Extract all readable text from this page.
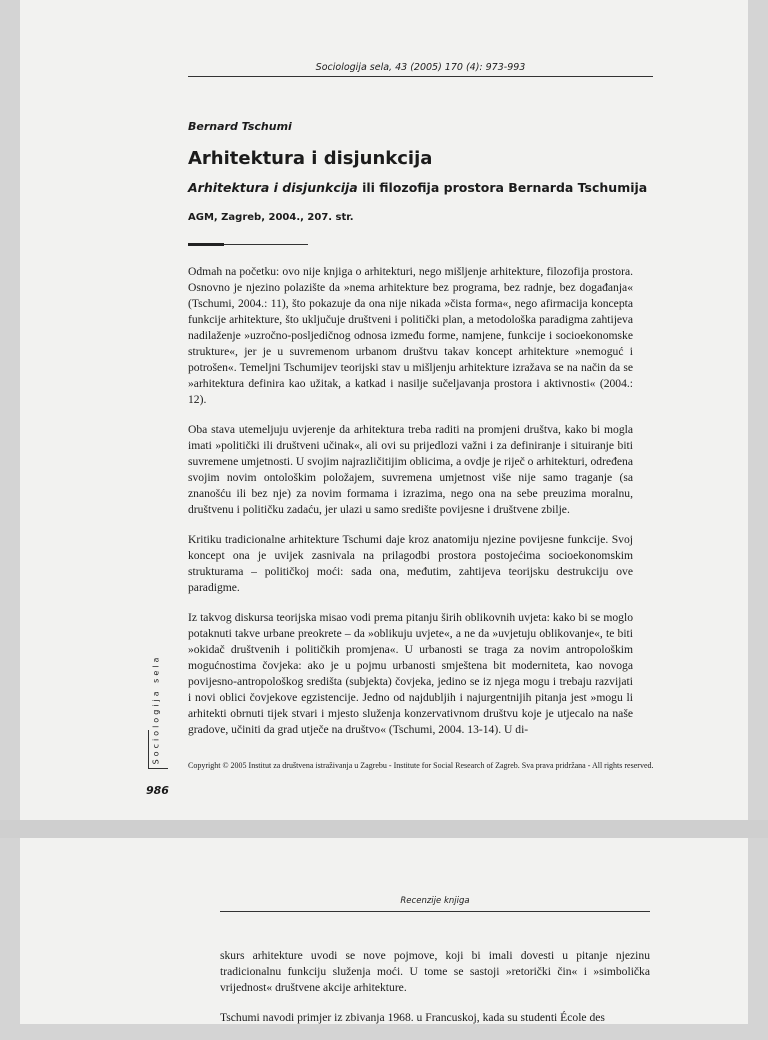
Sociologija sela, 43 (2005) 170 (4): 973-993
Bernard Tschumi
Arhitektura i disjunkcija
Arhitektura i disjunkcija ili filozofija prostora Bernarda Tschumija
AGM, Zagreb, 2004., 207. str.

Odmah na početku: ovo nije knjiga o arhitekturi, nego mišljenje arhitekture, filozofija prostora. Osnovno je njezino polazište da »nema arhitekture bez programa, bez radnje, bez događanja« (Tschumi, 2004.: 11), što pokazuje da ona nije nikada »čista forma«, nego afirmacija koncepta funkcije arhitekture, što uključuje društveni i politički plan, a metodološka paradigma zahtijeva nadilaženje »uzročno-posljedičnog odnosa između forme, namjene, funkcije i socioekonomske strukture«, jer je u suvremenom urbanom društvu takav koncept arhitekture »nemoguć i potrošen«. Temeljni Tschumijev teorijski stav u mišljenju arhitekture izražava se na način da se »arhitektura definira kao užitak, a katkad i nasilje sučeljavanja prostora i aktivnosti« (2004.: 12).

Oba stava utemeljuju uvjerenje da arhitektura treba raditi na promjeni društva, kako bi mogla imati »politički ili društveni učinak«, ali ovi su prijedlozi važni i za definiranje i situiranje biti suvremene umjetnosti. U svojim najrazličitijim oblicima, a ovdje je riječ o arhitekturi, određena svojim novim ontološkim položajem, suvremena umjetnost više nije samo traganje (sa znanošću ili bez nje) za novim formama i izrazima, nego ona na sebe preuzima moralnu, društvenu i političku zadaću, jer ulazi u samo središte povijesne i društvene zbilje.

Kritiku tradicionalne arhitekture Tschumi daje kroz anatomiju njezine povijesne funkcije. Svoj koncept ona je uvijek zasnivala na prilagodbi prostora postojećima socioekonomskim strukturama – političkoj moći: sada ona, međutim, zahtijeva teorijsku destrukciju ove paradigme.

Iz takvog diskursa teorijska misao vodi prema pitanju širih oblikovnih uvjeta: kako bi se moglo potaknuti takve urbane preokrete – da »oblikuju uvjete«, a ne da »uvjetuju oblikovanje«, te biti »okidač društvenih i političkih promjena«. U urbanosti se traga za novim antropološkim mogućnostima čovjeka: ako je u pojmu urbanosti smještena bit moderniteta, kao novoga povijesno-antropološkog središta (subjekta) čovjeka, jedino se iz njega mogu i trebaju razvijati i novi oblici čovjekove egzistencije. Jedno od najdubljih i najurgentnijih pitanja jest »mogu li arhitekti obrnuti tijek stvari i mjesto služenja konzervativnom društvu koje je utjecalo na naše gradove, učiniti da grad utječe na društvo« (Tschumi, 2004. 13-14). U di-

Copyright © 2005 Institut za društvena istraživanja u Zagrebu - Institute for Social Research of Zagreb. Sva prava pridržana - All rights reserved.
Sociologija sela
986
Recenzije knjiga

skurs arhitekture uvodi se nove pojmove, koji bi imali dovesti u pitanje njezinu tradicionalnu funkciju služenja moći. U tome se sastoji »retorički čin« i »simbolička vrijednost« društvene akcije arhitekture.

Tschumi navodi primjer iz zbivanja 1968. u Francuskoj, kada su studenti École des
